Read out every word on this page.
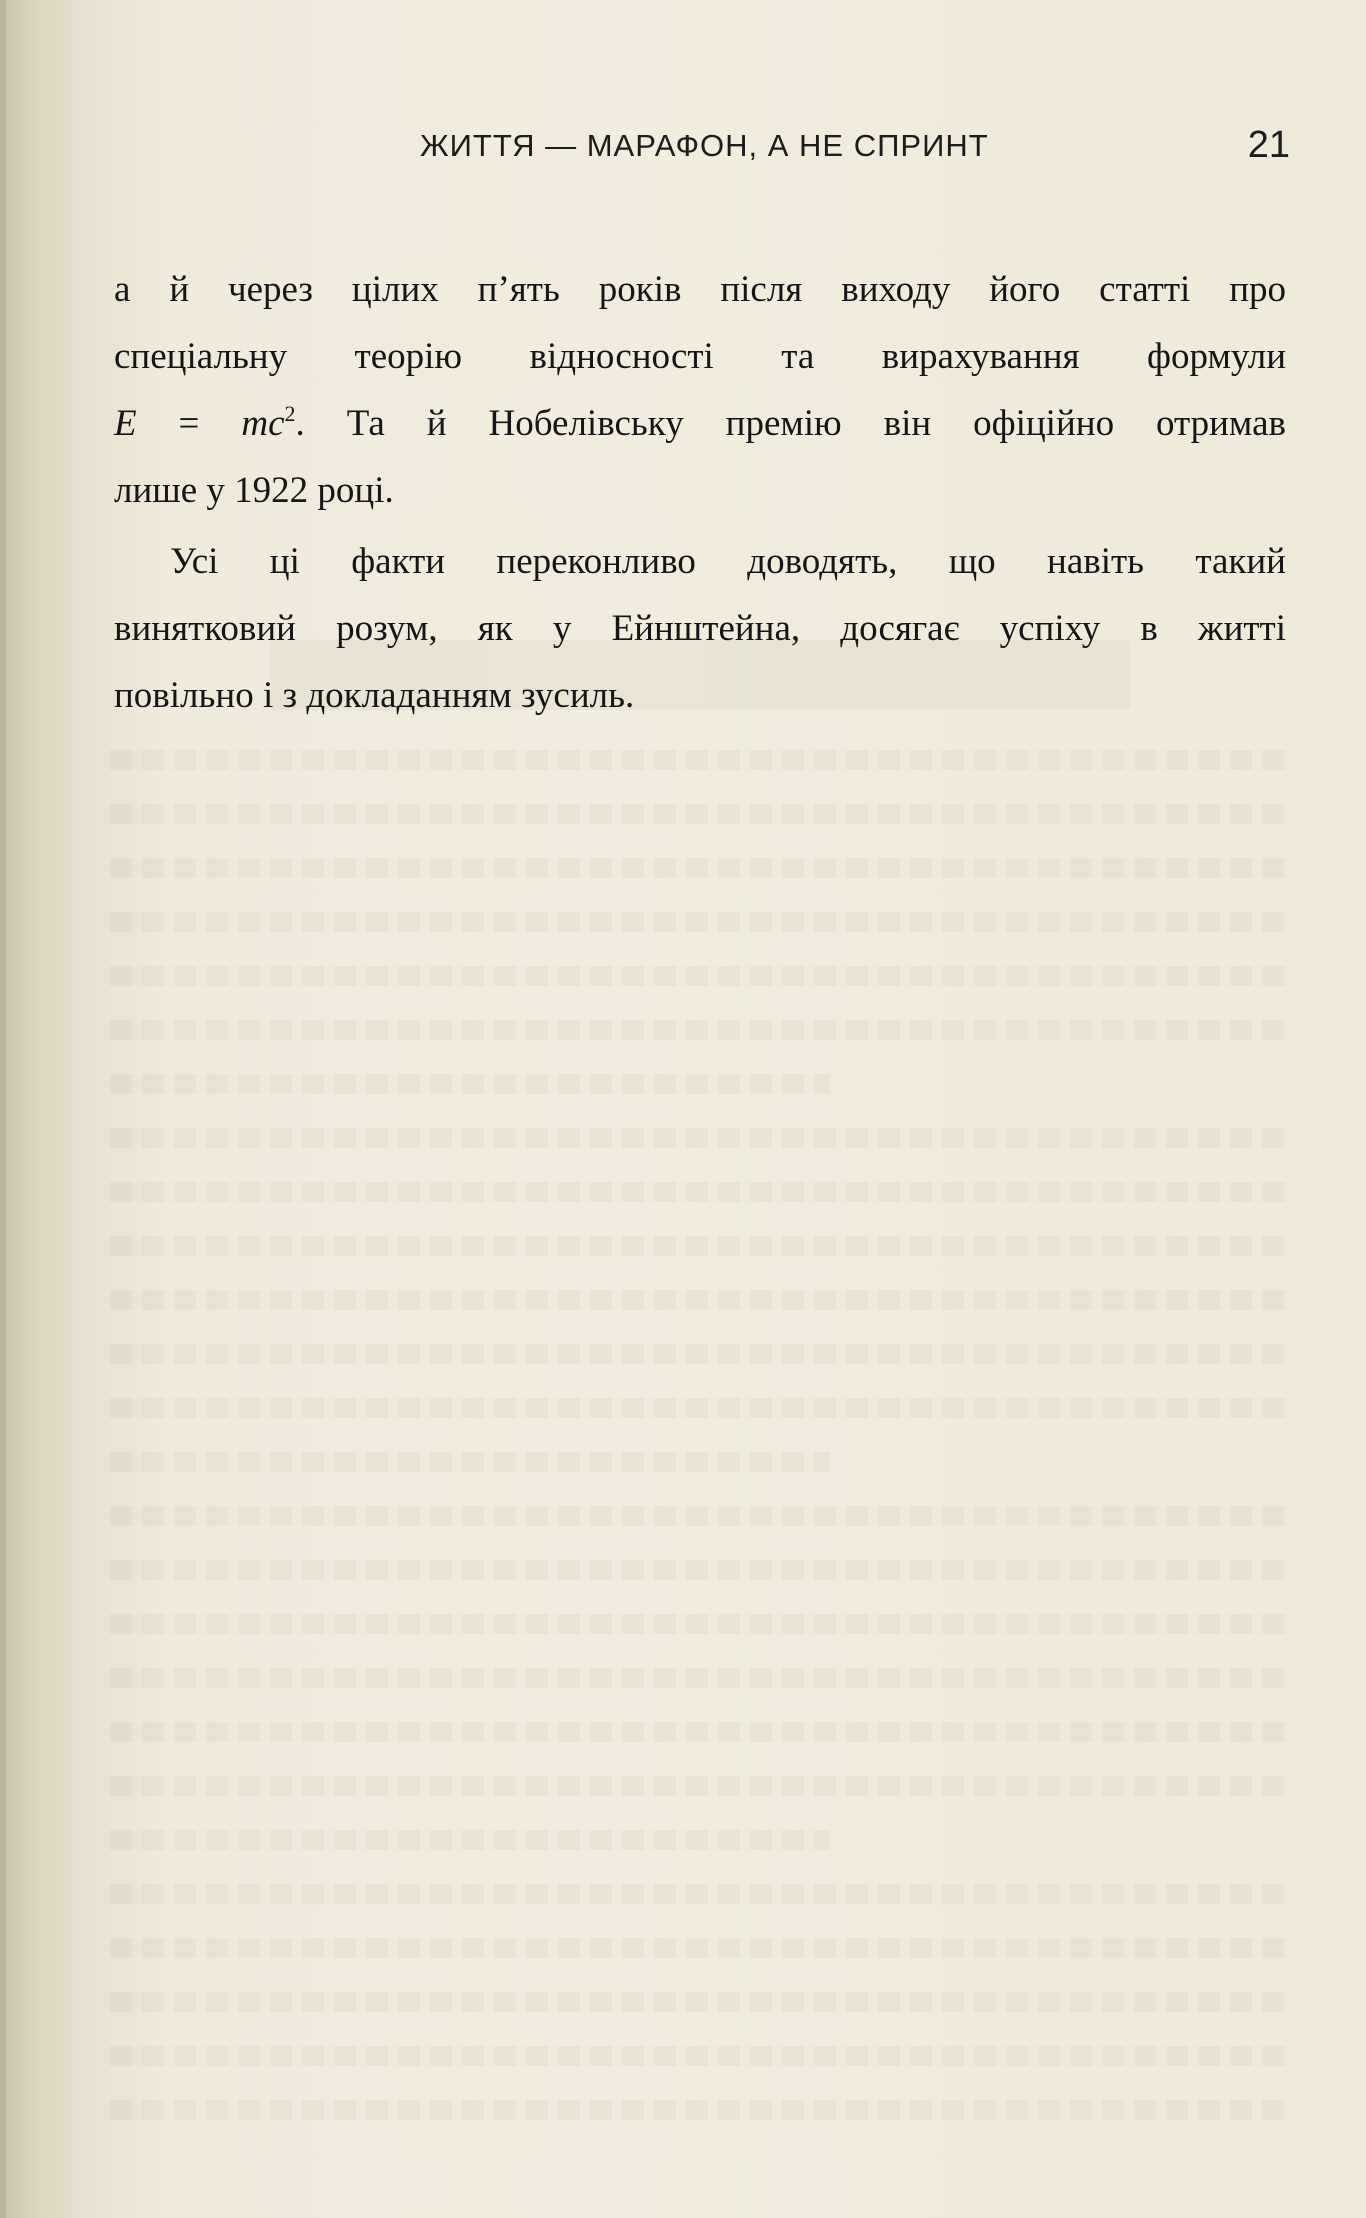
ЖИТТЯ — МАРАФОН, А НЕ СПРИНТ	21

а й через цілих п’ять років після виходу його статті про
спеціальну теорію відносності та вирахування формули
$E = mc^2$. Та й Нобелівську премію він офіційно отримав
лише у 1922 році.

Усі ці факти переконливо доводять, що навіть такий
винятковий розум, як у Ейнштейна, досягає успіху в житті
повільно і з докладанням зусиль.
